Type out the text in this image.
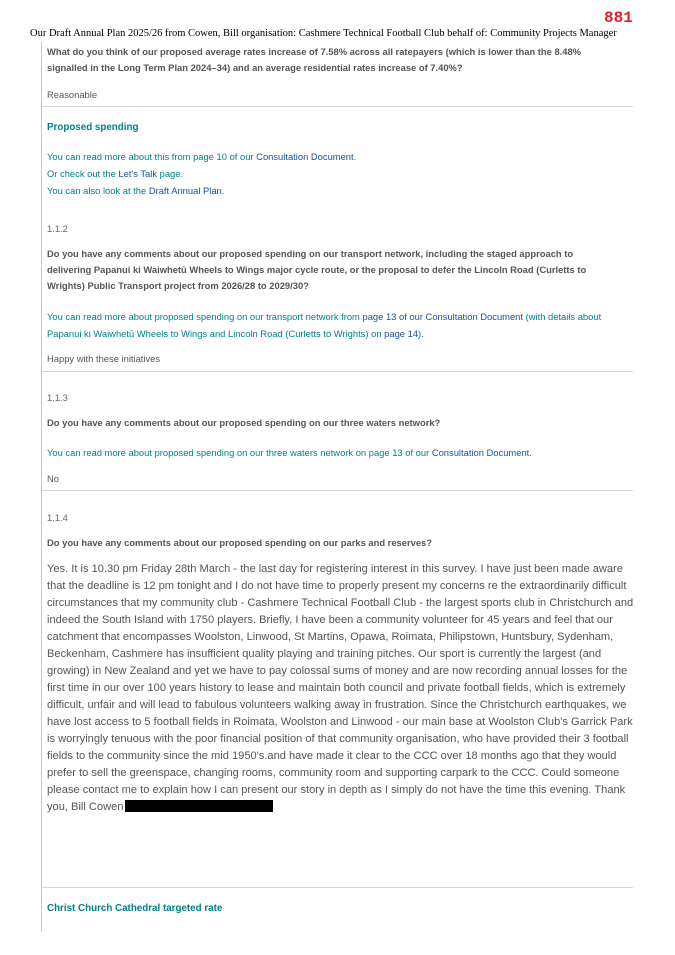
881
Our Draft Annual Plan 2025/26 from Cowen, Bill organisation: Cashmere Technical Football Club behalf of: Community Projects Manager
What do you think of our proposed average rates increase of 7.58% across all ratepayers (which is lower than the 8.48% signalled in the Long Term Plan 2024–34) and an average residential rates increase of 7.40%?
Reasonable
Proposed spending
You can read more about this from page 10 of our Consultation Document.
Or check out the Let's Talk page.
You can also look at the Draft Annual Plan.
1.1.2
Do you have any comments about our proposed spending on our transport network, including the staged approach to delivering Papanui ki Waiwhetū Wheels to Wings major cycle route, or the proposal to defer the Lincoln Road (Curletts to Wrights) Public Transport project from 2026/28 to 2029/30?
You can read more about proposed spending on our transport network from page 13 of our Consultation Document (with details about Papanui ki Waiwhetū Wheels to Wings and Lincoln Road (Curletts to Wrights) on page 14).
Happy with these initiatives
1.1.3
Do you have any comments about our proposed spending on our three waters network?
You can read more about proposed spending on our three waters network on page 13 of our Consultation Document.
No
1.1.4
Do you have any comments about our proposed spending on our parks and reserves?
Yes. It is 10.30 pm Friday 28th March - the last day for registering interest in this survey. I have just been made aware that the deadline is 12 pm tonight and I do not have time to properly present my concerns re the extraordinarily difficult circumstances that my community club - Cashmere Technical Football Club - the largest sports club in Christchurch and indeed the South Island with 1750 players. Briefly, I have been a community volunteer for 45 years and feel that our catchment that encompasses Woolston, Linwood, St Martins, Opawa, Roimata, Philipstown, Huntsbury, Sydenham, Beckenham, Cashmere has insufficient quality playing and training pitches. Our sport is currently the largest (and growing) in New Zealand and yet we have to pay colossal sums of money and are now recording annual losses for the first time in our over 100 years history to lease and maintain both council and private football fields, which is extremely difficult, unfair and will lead to fabulous volunteers walking away in frustration. Since the Christchurch earthquakes, we have lost access to 5 football fields in Roimata, Woolston and Linwood - our main base at Woolston Club's Garrick Park is worryingly tenuous with the poor financial position of that community organisation, who have provided their 3 football fields to the community since the mid 1950's.and have made it clear to the CCC over 18 months ago that they would prefer to sell the greenspace, changing rooms, community room and supporting carpark to the CCC. Could someone please contact me to explain how I can present our story in depth as I simply do not have the time this evening. Thank you, Bill Cowen
Christ Church Cathedral targeted rate
